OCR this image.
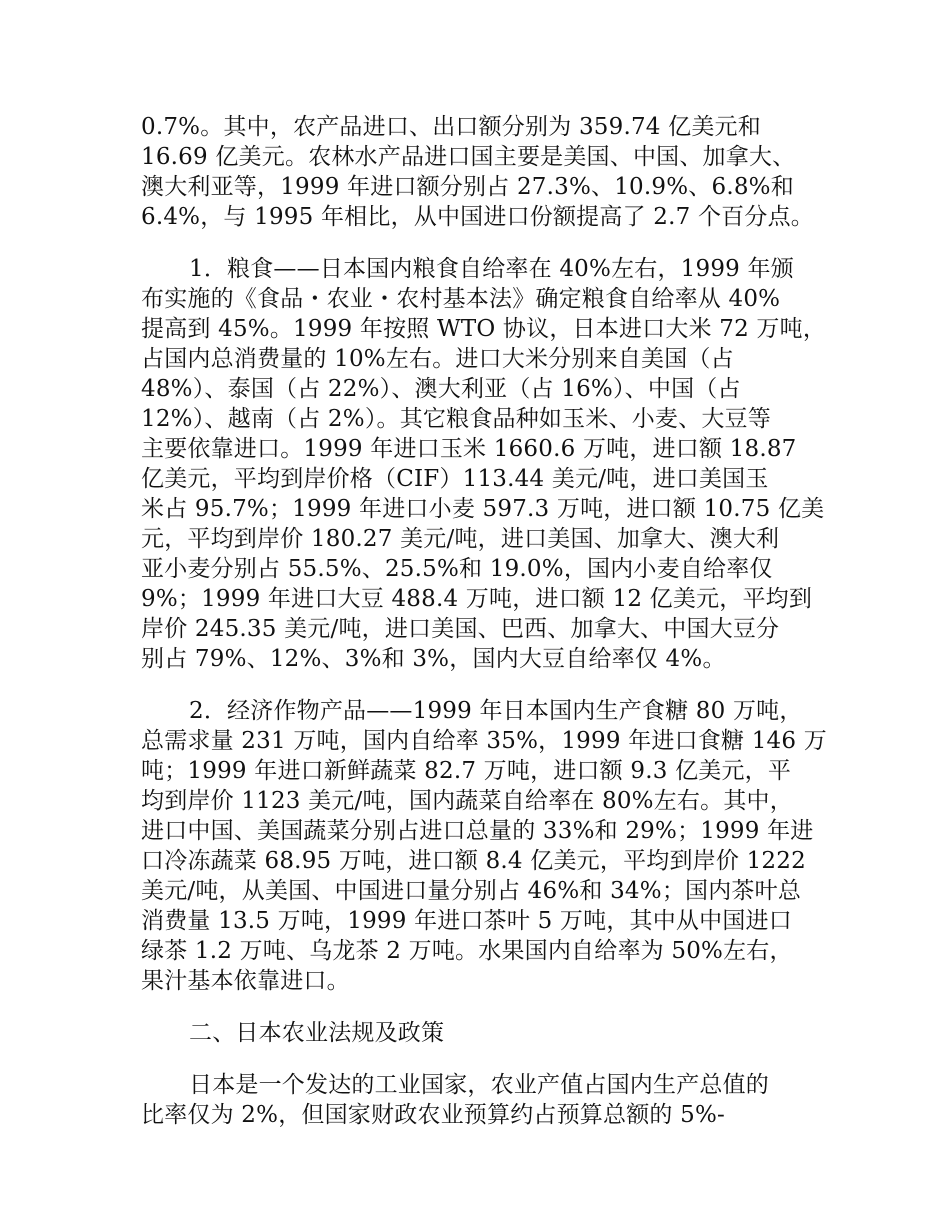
0.7%。其中，农产品进口、出口额分别为 359.74 亿美元和
16.69 亿美元。农林水产品进口国主要是美国、中国、加拿大、
澳大利亚等，1999 年进口额分别占 27.3%、10.9%、6.8%和
6.4%，与 1995 年相比，从中国进口份额提高了 2.7 个百分点。
1．粮食——日本国内粮食自给率在 40%左右，1999 年颁
布实施的《食品・农业・农村基本法》确定粮食自给率从 40%
提高到 45%。1999 年按照 WTO 协议，日本进口大米 72 万吨，
占国内总消费量的 10%左右。进口大米分别来自美国（占
48%）、泰国（占 22%）、澳大利亚（占 16%）、中国（占
12%）、越南（占 2%）。其它粮食品种如玉米、小麦、大豆等
主要依靠进口。1999 年进口玉米 1660.6 万吨，进口额 18.87
亿美元，平均到岸价格（CIF）113.44 美元/吨，进口美国玉
米占 95.7%；1999 年进口小麦 597.3 万吨，进口额 10.75 亿美
元，平均到岸价 180.27 美元/吨，进口美国、加拿大、澳大利
亚小麦分别占 55.5%、25.5%和 19.0%，国内小麦自给率仅
9%；1999 年进口大豆 488.4 万吨，进口额 12 亿美元，平均到
岸价 245.35 美元/吨，进口美国、巴西、加拿大、中国大豆分
别占 79%、12%、3%和 3%，国内大豆自给率仅 4%。
2．经济作物产品——1999 年日本国内生产食糖 80 万吨，
总需求量 231 万吨，国内自给率 35%，1999 年进口食糖 146 万
吨；1999 年进口新鲜蔬菜 82.7 万吨，进口额 9.3 亿美元，平
均到岸价 1123 美元/吨，国内蔬菜自给率在 80%左右。其中，
进口中国、美国蔬菜分别占进口总量的 33%和 29%；1999 年进
口冷冻蔬菜 68.95 万吨，进口额 8.4 亿美元，平均到岸价 1222
美元/吨，从美国、中国进口量分别占 46%和 34%；国内茶叶总
消费量 13.5 万吨，1999 年进口茶叶 5 万吨，其中从中国进口
绿茶 1.2 万吨、乌龙茶 2 万吨。水果国内自给率为 50%左右，
果汁基本依靠进口。
二、日本农业法规及政策
日本是一个发达的工业国家，农业产值占国内生产总值的
比率仅为 2%，但国家财政农业预算约占预算总额的 5%-
